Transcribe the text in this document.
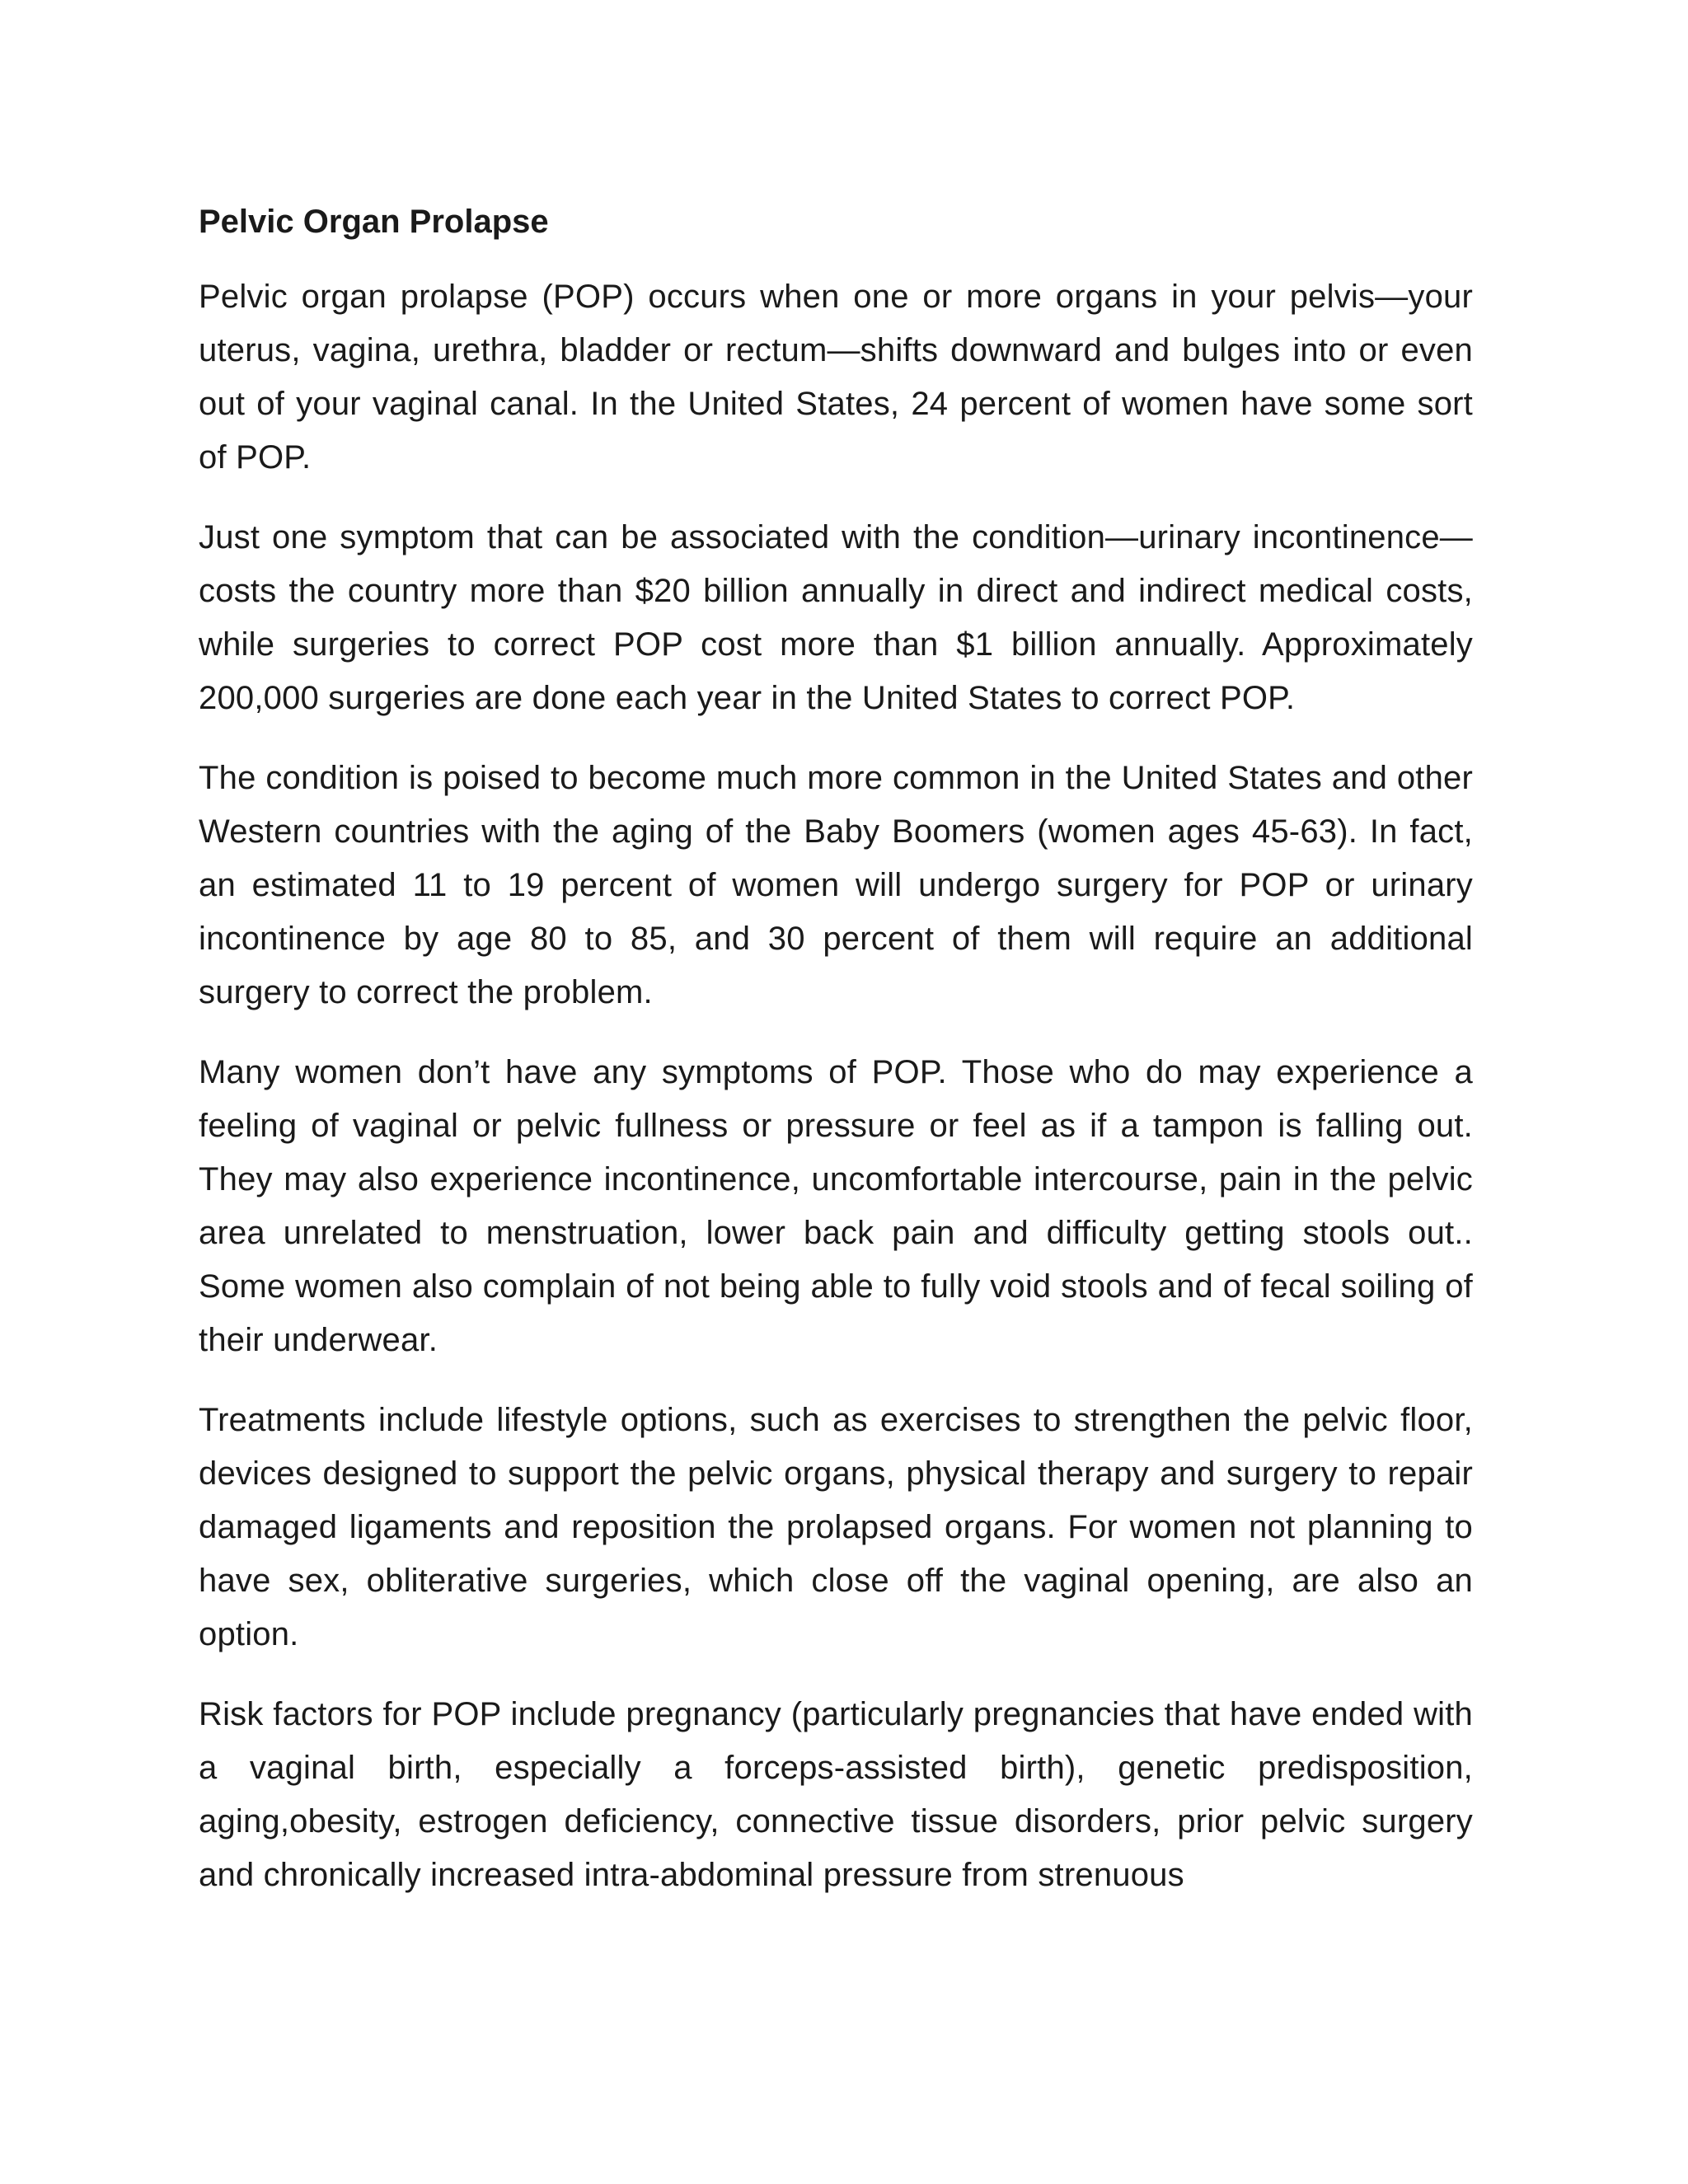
Pelvic Organ Prolapse

Pelvic organ prolapse (POP) occurs when one or more organs in your pelvis—your uterus, vagina, urethra, bladder or rectum—shifts downward and bulges into or even out of your vaginal canal. In the United States, 24 percent of women have some sort of POP.

Just one symptom that can be associated with the condition—urinary incontinence—costs the country more than $20 billion annually in direct and indirect medical costs, while surgeries to correct POP cost more than $1 billion annually. Approximately 200,000 surgeries are done each year in the United States to correct POP.

The condition is poised to become much more common in the United States and other Western countries with the aging of the Baby Boomers (women ages 45-63). In fact, an estimated 11 to 19 percent of women will undergo surgery for POP or urinary incontinence by age 80 to 85, and 30 percent of them will require an additional surgery to correct the problem.

Many women don’t have any symptoms of POP. Those who do may experience a feeling of vaginal or pelvic fullness or pressure or feel as if a tampon is falling out. They may also experience incontinence, uncomfortable intercourse, pain in the pelvic area unrelated to menstruation, lower back pain and difficulty getting stools out.. Some women also complain of not being able to fully void stools and of fecal soiling of their underwear.

Treatments include lifestyle options, such as exercises to strengthen the pelvic floor, devices designed to support the pelvic organs, physical therapy and surgery to repair damaged ligaments and reposition the prolapsed organs. For women not planning to have sex, obliterative surgeries, which close off the vaginal opening, are also an option.

Risk factors for POP include pregnancy (particularly pregnancies that have ended with a vaginal birth, especially a forceps-assisted birth), genetic predisposition, aging,obesity, estrogen deficiency, connective tissue disorders, prior pelvic surgery and chronically increased intra-abdominal pressure from strenuous
